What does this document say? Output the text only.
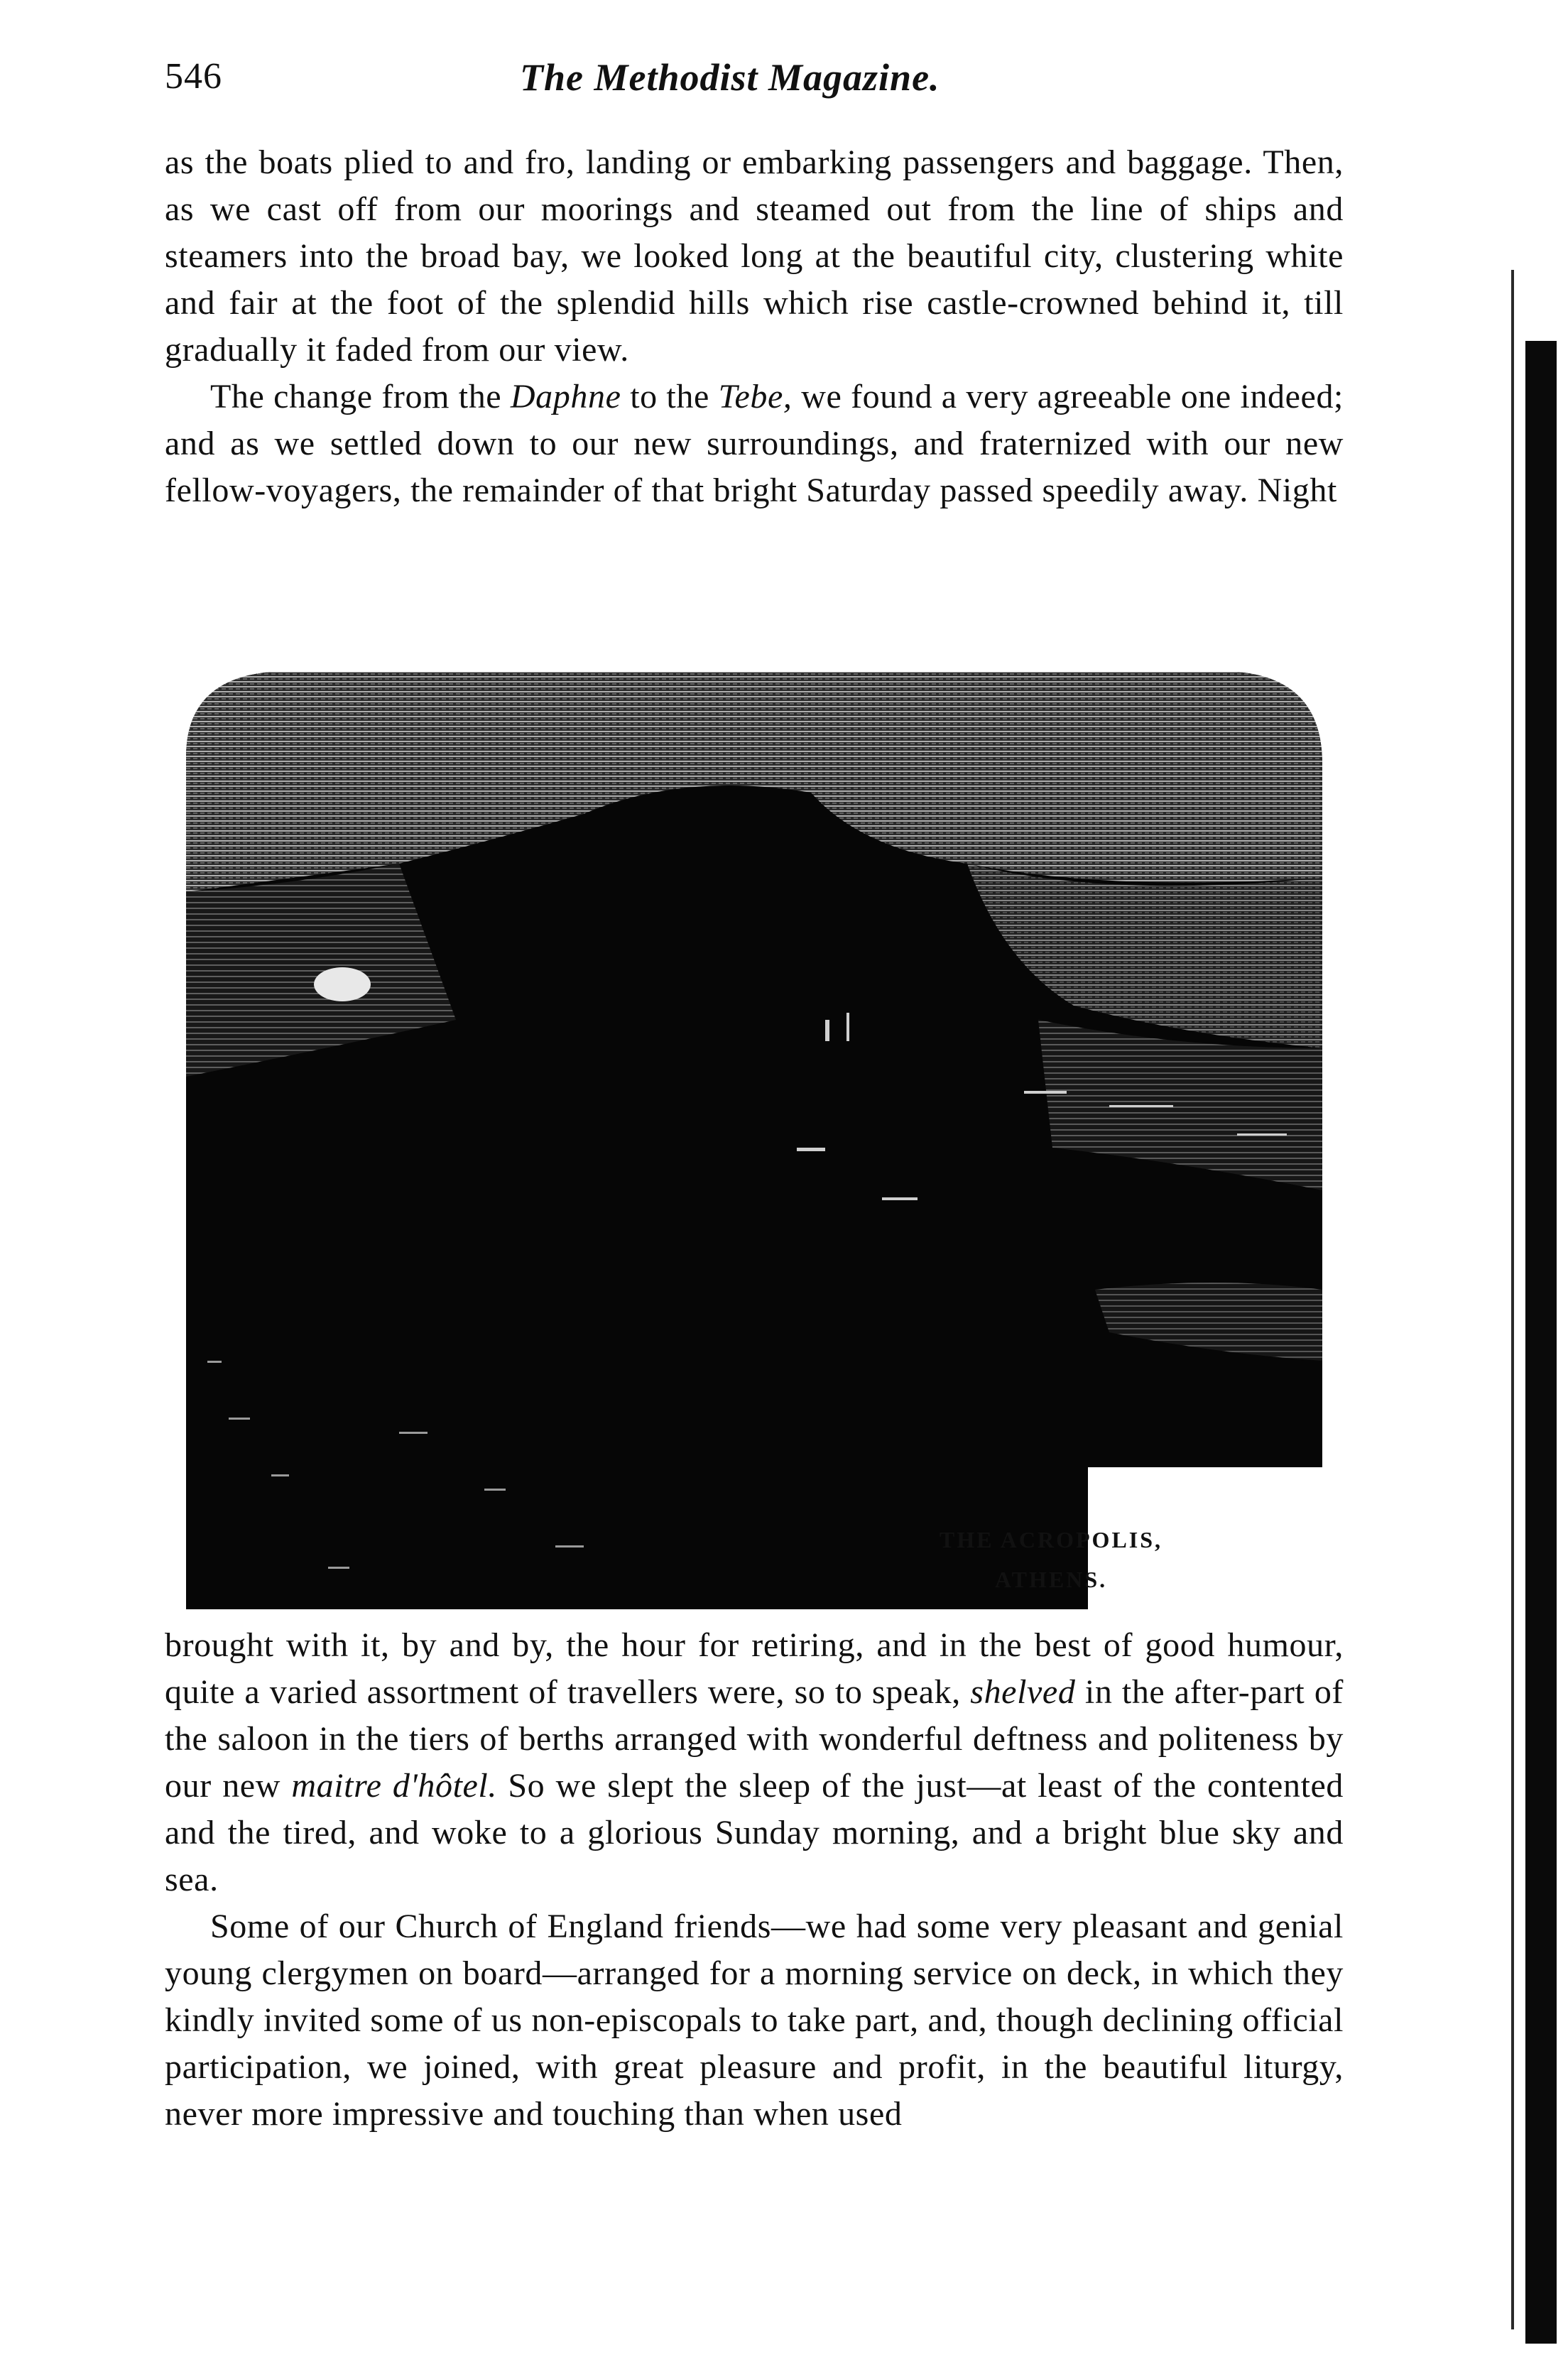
546	The Methodist Magazine.

as the boats plied to and fro, landing or embarking passengers and baggage. Then, as we cast off from our moorings and steamed out from the line of ships and steamers into the broad bay, we looked long at the beautiful city, clustering white and fair at the foot of the splendid hills which rise castle-crowned behind it, till gradually it faded from our view.

The change from the Daphne to the Tebe, we found a very agreeable one indeed; and as we settled down to our new surroundings, and fraternized with our new fellow-voyagers, the remainder of that bright Saturday passed speedily away. Night

THE ACROPOLIS,
ATHENS.

brought with it, by and by, the hour for retiring, and in the best of good humour, quite a varied assortment of travellers were, so to speak, shelved in the after-part of the saloon in the tiers of berths arranged with wonderful deftness and politeness by our new maitre d'hôtel. So we slept the sleep of the just—at least of the contented and the tired, and woke to a glorious Sunday morning, and a bright blue sky and sea.

Some of our Church of England friends—we had some very pleasant and genial young clergymen on board—arranged for a morning service on deck, in which they kindly invited some of us non-episcopals to take part, and, though declining official participation, we joined, with great pleasure and profit, in the beautiful liturgy, never more impressive and touching than when used
